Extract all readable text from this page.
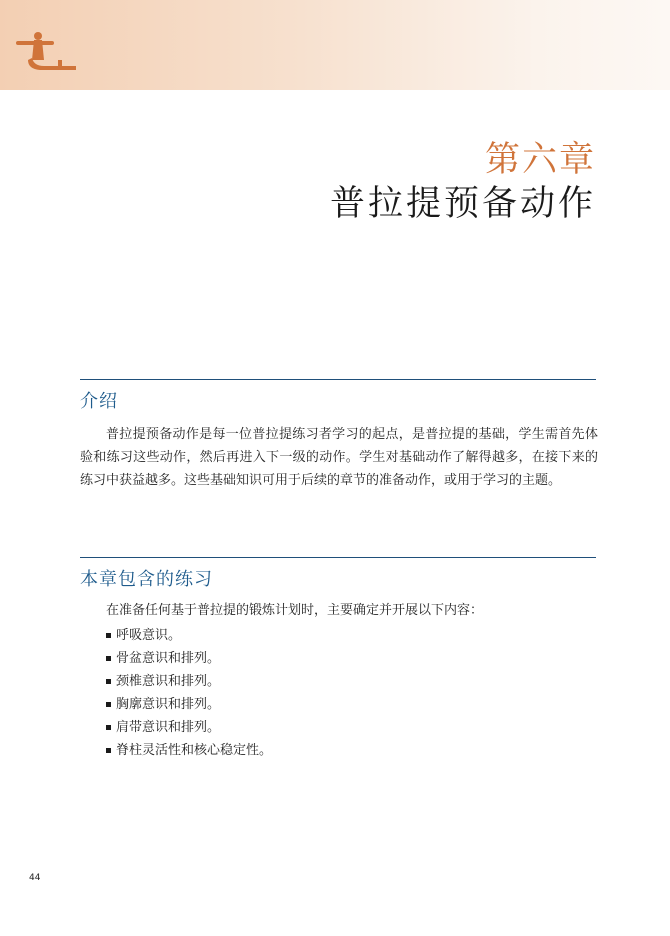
第六章
普拉提预备动作
介绍

普拉提预备动作是每一位普拉提练习者学习的起点，是普拉提的基础，学生需首先体验和练习这些动作，然后再进入下一级的动作。学生对基础动作了解得越多，在接下来的练习中获益越多。这些基础知识可用于后续的章节的准备动作，或用于学习的主题。

本章包含的练习
在准备任何基于普拉提的锻炼计划时，主要确定并开展以下内容：
呼吸意识。
骨盆意识和排列。
颈椎意识和排列。
胸廓意识和排列。
肩带意识和排列。
脊柱灵活性和核心稳定性。
44
